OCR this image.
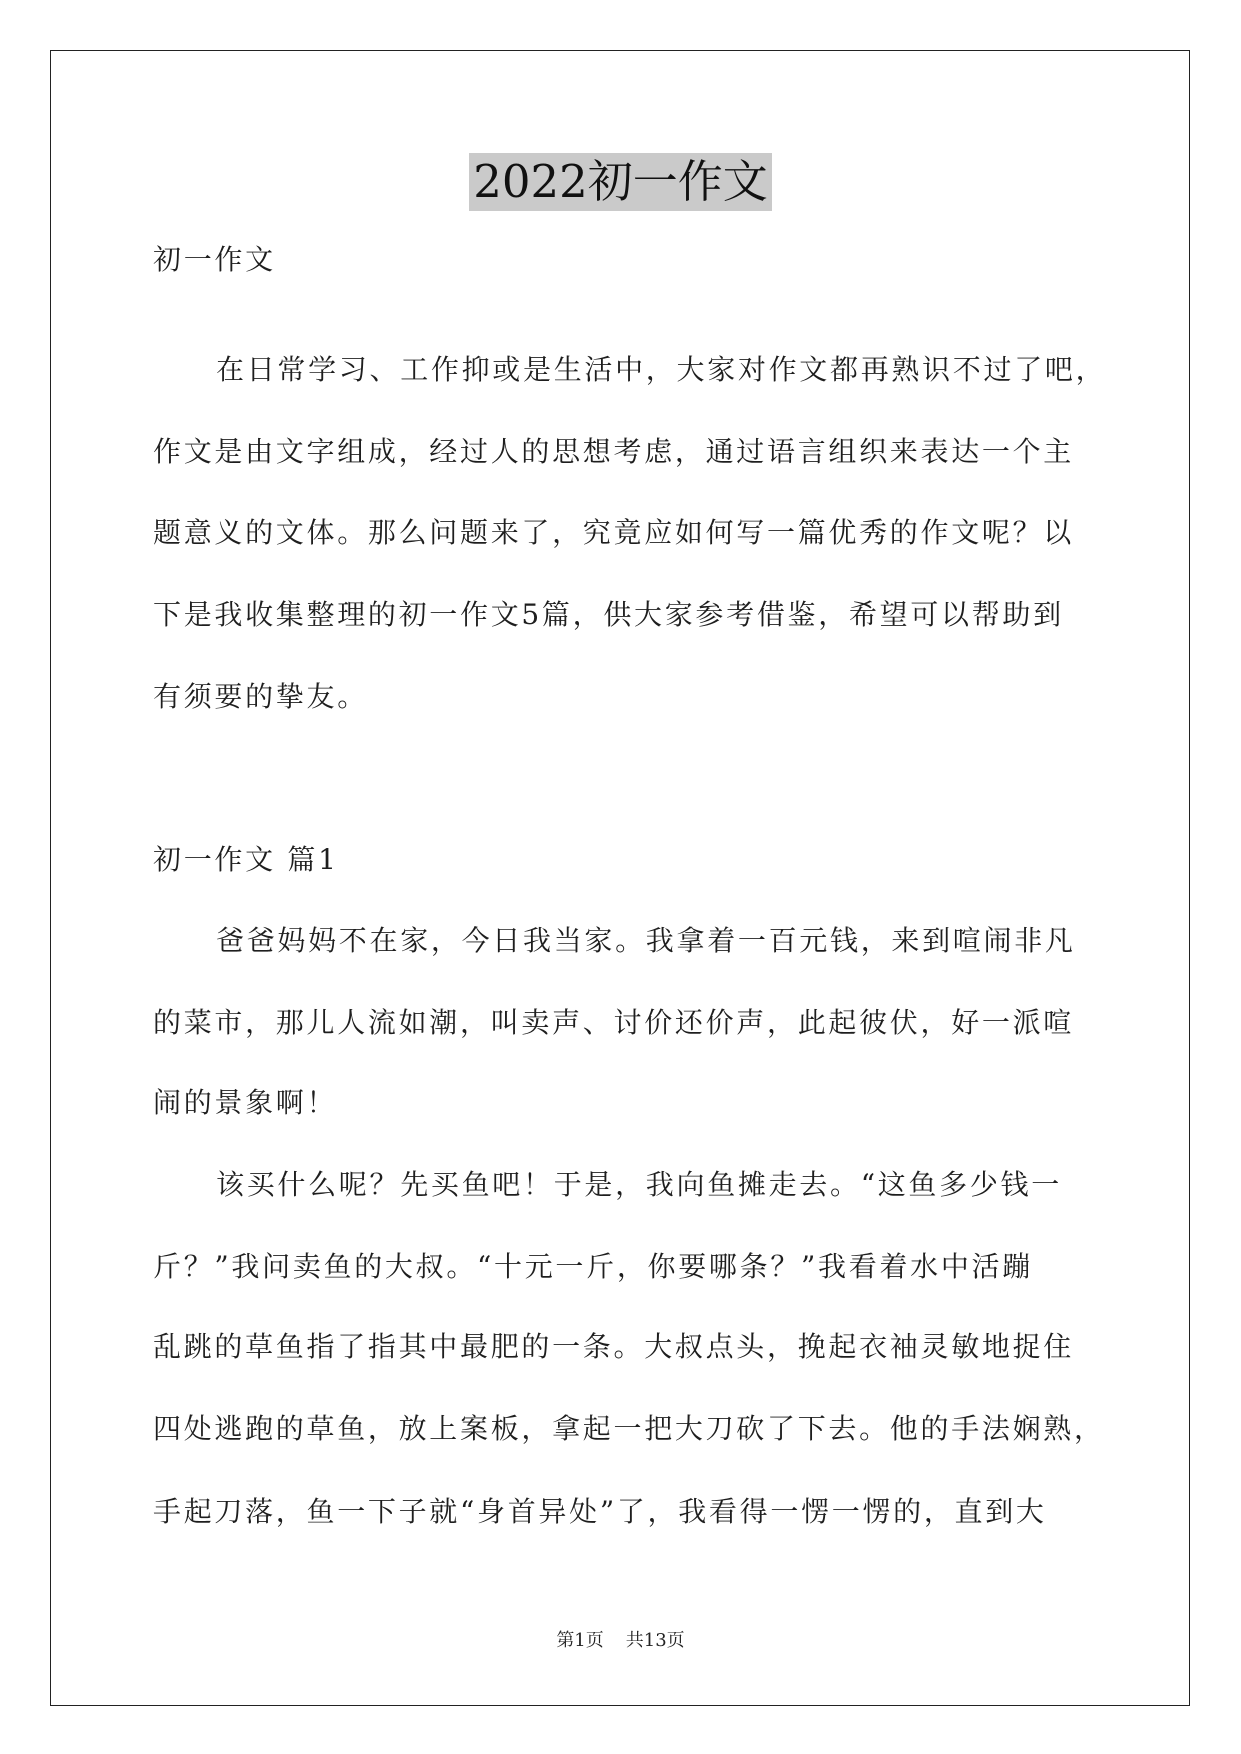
2022初一作文
初一作文
在日常学习、工作抑或是生活中，大家对作文都再熟识不过了吧，
作文是由文字组成，经过人的思想考虑，通过语言组织来表达一个主
题意义的文体。那么问题来了，究竟应如何写一篇优秀的作文呢？以
下是我收集整理的初一作文5篇，供大家参考借鉴，希望可以帮助到
有须要的挚友。
初一作文 篇1
爸爸妈妈不在家，今日我当家。我拿着一百元钱，来到喧闹非凡
的菜市，那儿人流如潮，叫卖声、讨价还价声，此起彼伏，好一派喧
闹的景象啊！
该买什么呢？先买鱼吧！于是，我向鱼摊走去。“这鱼多少钱一
斤？”我问卖鱼的大叔。“十元一斤，你要哪条？”我看着水中活蹦
乱跳的草鱼指了指其中最肥的一条。大叔点头，挽起衣袖灵敏地捉住
四处逃跑的草鱼，放上案板，拿起一把大刀砍了下去。他的手法娴熟，
手起刀落，鱼一下子就“身首异处”了，我看得一愣一愣的，直到大
第1页 共13页
